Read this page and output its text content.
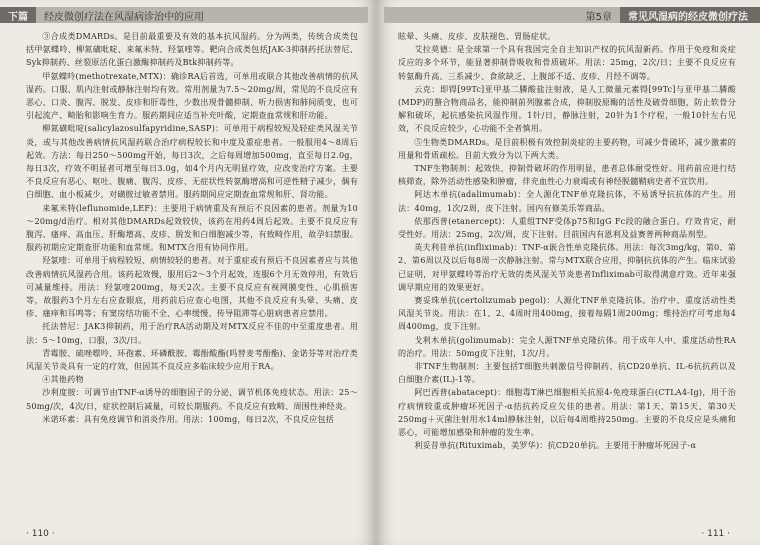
下篇	经皮微创疗法在风湿病诊治中的应用

③合成类DMARDs。是目前最重要及有效的基本抗风湿药。分为两类，传统合成类包括甲氨蝶呤、柳氮磺吡啶、来氟米特、羟氯喹等。靶向合成类包括JAK-3抑制药托法替尼、Syk抑制药、丝裂原活化蛋白激酶抑制药及Btk抑制药等。

甲氨蝶呤(methotrexate,MTX)：确诊RA后首选，可单用或联合其他改善病情的抗风湿药。口服、肌内注射或静脉注射均有效。常用剂量为7.5～20mg/周，常见的不良反应有恶心、口炎、腹泻、脱发、皮疹和肝毒性，少数出现骨髓抑制、听力损害和肺间质变，也可引起流产、畸胎和影响生育力。服药期间应适当补充叶酸，定期查血常规和肝功能。

柳氮磺吡啶(salicylazosulfapyridine,SASP)：可单用于病程较短及轻症类风湿关节炎，或与其他改善病情抗风湿药联合治疗病程较长和中度及重症患者。一般服用4～8周后起效。方法：每日250～500mg开始，每日3次，之后每周增加500mg，直至每日2.0g，每日3次，疗效不明显者可增至每日3.0g，如4个月内无明显疗效，应改变治疗方案。主要不良反应有恶心、呕吐、腹痛、腹泻、皮疹、无症状性转氨酶增高和可逆性精子减少，偶有白细胞、血小板减少，对磺胺过敏者禁用。服药期间应定期查血常规和肝、肾功能。

来氟米特(leflunomide,LEF)：主要用于病情重及有预后不良因素的患者。剂量为10～20mg/d治疗。相对其他DMARDs起效较快，该药在用药4周后起效。主要不良反应有腹泻、瘙痒、高血压、肝酶增高、皮疹、脱发和白细胞减少等，有致畸作用，故孕妇禁服。服药初期应定期查肝功能和血常规。和MTX合用有协同作用。

羟氯喹：可单用于病程较短、病情较轻的患者。对于重症或有预后不良因素者应与其他改善病情抗风湿药合用。该药起效慢，服用后2～3个月起效，连服6个月无效停用，有效后可减量维持。用法：羟氯喹200mg，每天2次。主要不良反应有视网膜变性、心肌损害等，故服药3个月左右应查眼底，用药前后应查心电图，其他不良反应有头晕、头痛、皮疹、瘙痒和耳鸣等；有窦房结功能不全、心率缓慢、传导阻滞等心脏病患者应禁用。

托法替尼：JAK3抑制药，用于治疗RA活动期及对MTX反应不佳的中至重度患者。用法：5～10mg，口服，3次/日。

青霉胺、硫唑嘌呤、环孢素、环磷酰胺、霉酚酸酯(吗替麦考酚酯)、金诺芬等对治疗类风湿关节炎具有一定的疗效，但因其不良反应多临床较少应用于RA。

④其他药物

沙利度胺：可调节由TNF-α诱导的细胞因子的分泌，调节机体免疫状态。用法：25～50mg/次，4次/日，症状控制后减量，可较长期服药。不良反应有致畸、周围性神经炎。

米诺环素：具有免疫调节和消炎作用。用法：100mg，每日2次，不良反应包括

· 110 ·
第5章	常见风湿病的经皮微创疗法

眩晕、头痛、皮疹、皮肤褪色、胃肠症状。

艾拉莫德：是全球第一个具有我国完全自主知识产权的抗风湿新药。作用于免疫和炎症反应的多个环节，能显著抑制骨吸收和骨质破坏。用法：25mg，2次/日；主要不良反应有转氨酶升高、三系减少、食欲缺乏、上腹部不适、皮疹、月经不调等。

云克：即锝[99Tc]亚甲基二膦酸盐注射液，是人工微量元素锝[99Tc]与亚甲基二膦酸(MDP)的螯合物商品名，能抑制前列腺素合成，抑制胶原酶的活性及破骨细胞，防止软骨分解和破坏，起抗感染抗风湿作用。1针/日，静脉注射，20针为1个疗程，一般10针左右见效，不良反应较少，心功能不全者慎用。

⑤生物类DMARDs。是目前积极有效控制炎症的主要药物，可减少骨破坏，减少激素的用量和骨质疏松。目前大致分为以下两大类。

TNF生物制剂：起效快、抑制骨破坏的作用明显，患者总体耐受性好。用药前应进行结核筛查，除外活动性感染和肿瘤，伴充血性心力衰竭或有神经脱髓鞘病史者不宜饮用。

阿达木单抗(adalimumab)：全人源化TNF单克隆抗体，不易诱导抗抗体的产生。用法：40mg，1次/2周，皮下注射。国内有修美乐等商品。

依那西普(etanercept)：人重组TNF受体p75和IgG Fc段的融合蛋白。疗效肯定，耐受性好。用法：25mg，2次/周，皮下注射。目前国内有恩利及益赛普两种商品剂型。

英夫利昔单抗(infliximab)：TNF-α嵌合性单克隆抗体。用法：每次3mg/kg，第0、第2、第6周以及以后每8周一次静脉注射。常与MTX联合应用，抑制抗抗体的产生。临床试验已证明，对甲氨蝶呤等治疗无效的类风湿关节炎患者Infliximab可取得满意疗效。近年来强调早期应用的效果更好。

赛妥珠单抗(certolizumab pegol)：人源化TNF单克隆抗体。治疗中、重度活动性类风湿关节炎。用法：在1、2、4周时用400mg，接着每隔1周200mg；维持治疗可考虑每4周400mg，皮下注射。

戈利木单抗(golimumab)：完全人源TNF单克隆抗体。用于成年人中、重度活动性RA的治疗。用法：50mg皮下注射，1次/月。

非TNF生物制剂：主要包括T细胞共刺激信号抑制药、抗CD20单抗、IL-6抗抗药以及白细胞介素(IL)-1等。

阿巴西普(abatacept)：细胞毒T淋巴细胞相关抗原4-免疫球蛋白(CTLA4-Ig)，用于治疗病情较重或肿瘤坏死因子-α拮抗药反应欠佳的患者。用法：第1天、第15天、第30天250mg＋灭菌注射用水14ml静脉注射，以后每4周维持250mg。主要的不良反应是头痛和恶心，可能增加感染和肿瘤的发生率。

利妥昔单抗(Rituximab，美罗华)：抗CD20单抗。主要用于肿瘤坏死因子-α

· 111 ·
